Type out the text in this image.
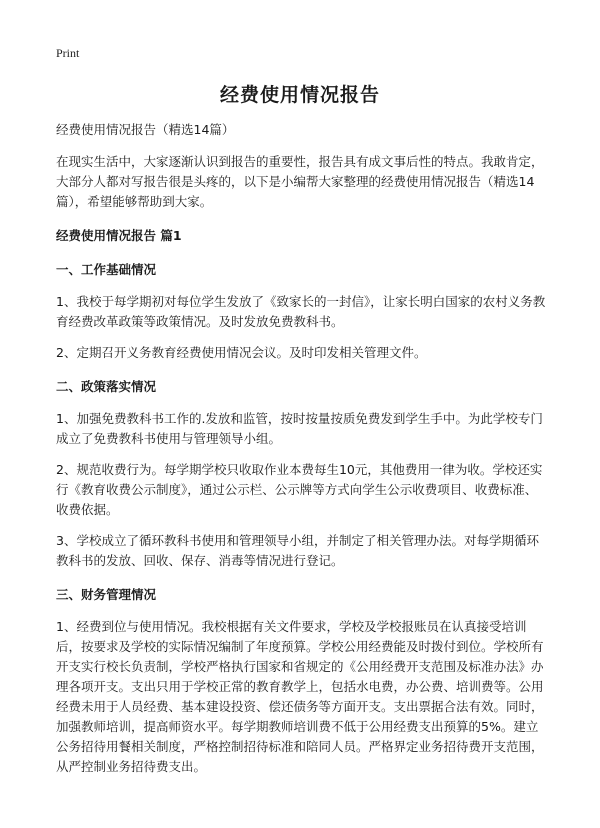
Print
经费使用情况报告

经费使用情况报告（精选14篇）

在现实生活中，大家逐渐认识到报告的重要性，报告具有成文事后性的特点。我敢肯定，大部分人都对写报告很是头疼的，以下是小编帮大家整理的经费使用情况报告（精选14篇），希望能够帮助到大家。

经费使用情况报告 篇1

一、工作基础情况

1、我校于每学期初对每位学生发放了《致家长的一封信》，让家长明白国家的农村义务教育经费改革政策等政策情况。及时发放免费教科书。

2、定期召开义务教育经费使用情况会议。及时印发相关管理文件。

二、政策落实情况

1、加强免费教科书工作的.发放和监管，按时按量按质免费发到学生手中。为此学校专门成立了免费教科书使用与管理领导小组。

2、规范收费行为。每学期学校只收取作业本费每生10元，其他费用一律为收。学校还实行《教育收费公示制度》，通过公示栏、公示牌等方式向学生公示收费项目、收费标准、收费依据。

3、学校成立了循环教科书使用和管理领导小组，并制定了相关管理办法。对每学期循环教科书的发放、回收、保存、消毒等情况进行登记。

三、财务管理情况

1、经费到位与使用情况。我校根据有关文件要求，学校及学校报账员在认真接受培训后，按要求及学校的实际情况编制了年度预算。学校公用经费能及时拨付到位。学校所有开支实行校长负责制，学校严格执行国家和省规定的《公用经费开支范围及标准办法》办理各项开支。支出只用于学校正常的教育教学上，包括水电费，办公费、培训费等。公用经费未用于人员经费、基本建设投资、偿还债务等方面开支。支出票据合法有效。同时，加强教师培训，提高师资水平。每学期教师培训费不低于公用经费支出预算的5%。建立公务招待用餐相关制度，严格控制招待标准和陪同人员。严格界定业务招待费开支范围，从严控制业务招待费支出。
